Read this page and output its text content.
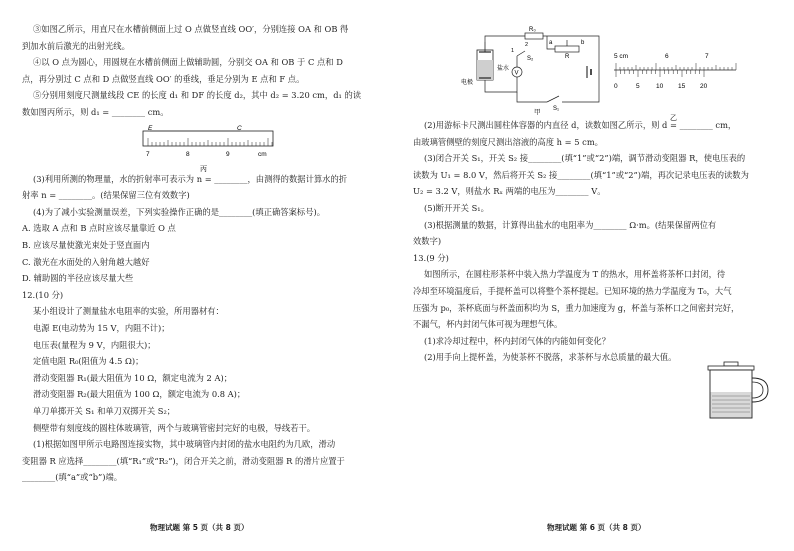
③如图乙所示，用直尺在水槽前侧面上过 O 点做竖直线 OO′，分别连接 OA 和 OB 得
到加水前后激光的出射光线。
④以 O 点为圆心，用圆规在水槽前侧面上做辅助圆，分别交 OA 和 OB 于 C 点和 D
点，再分别过 C 点和 D 点做竖直线 OO′ 的垂线，垂足分别为 E 点和 F 点。
⑤分别用刻度尺测量线段 CE 的长度 d₁ 和 DF 的长度 d₂，其中 d₂ = 3.20 cm，d₁ 的读
数如图丙所示，则 d₁ = ________ cm。
(3)利用所测的物理量，水的折射率可表示为 n = ________，由测得的数据计算水的折
射率 n = ________。(结果保留三位有效数字)
(4)为了减小实验测量误差，下列实验操作正确的是________(填正确答案标号)。
A. 选取 A 点和 B 点时应该尽量靠近 O 点
B. 应该尽量使激光束处于竖直面内
C. 激光在水面处的入射角越大越好
D. 辅助圆的半径应该尽量大些
12.(10 分)
某小组设计了测量盐水电阻率的实验，所用器材有：
电源 E(电动势为 15 V，内阻不计)；
电压表(量程为 9 V，内阻很大)；
定值电阻 R₀(阻值为 4.5 Ω)；
滑动变阻器 R₁(最大阻值为 10 Ω，额定电流为 2 A)；
滑动变阻器 R₂(最大阻值为 100 Ω，额定电流为 0.8 A)；
单刀单掷开关 S₁ 和单刀双掷开关 S₂；
侧壁带有刻度线的圆柱体玻璃管，两个与玻璃管密封完好的电极，导线若干。
(1)根据如图甲所示电路图连接实物，其中玻璃管内封闭的盐水电阻约为几欧，滑动
变阻器 R 应选择________(填“R₁”或“R₂”)，闭合开关之前，滑动变阻器 R 的滑片应置于
________(填“a”或“b”)端。
E	C
7	8	9	cm
丙
物理试题 第 5 页（共 8 页）
电极
盐水
R₀
R
a	b
V
S₂
1
2
S₁
甲
5 cm	6	7
0	5	10 15 20
乙
(2)用游标卡尺测出圆柱体容器的内直径 d，读数如图乙所示，则 d = ________ cm，
由玻璃管侧壁的刻度尺测出溶液的高度 h = 5 cm。
(3)闭合开关 S₁，开关 S₂ 接________(填“1”或“2”)端，调节滑动变阻器 R，使电压表的
读数为 U₁ = 8.0 V，然后将开关 S₂ 接________(填“1”或“2”)端，再次记录电压表的读数为
U₂ = 3.2 V，则盐水 Rₓ 两端的电压为________ V。
(5)断开开关 S₁。
(3)根据测量的数据，计算得出盐水的电阻率为________ Ω·m。(结果保留两位有
效数字)
13.(9 分)
如图所示，在圆柱形茶杯中装入热力学温度为 T 的热水，用杯盖将茶杯口封闭，待
冷却至环境温度后，手提杯盖可以将整个茶杯提起。已知环境的热力学温度为 T₀，大气
压强为 p₀，茶杯底面与杯盖面积均为 S，重力加速度为 g，杯盖与茶杯口之间密封完好，
不漏气，杯内封闭气体可视为理想气体。
(1)求冷却过程中，杯内封闭气体的内能如何变化？
(2)用手向上提杯盖，为使茶杯不脱落，求茶杯与水总质量的最大值。
物理试题 第 6 页（共 8 页）
